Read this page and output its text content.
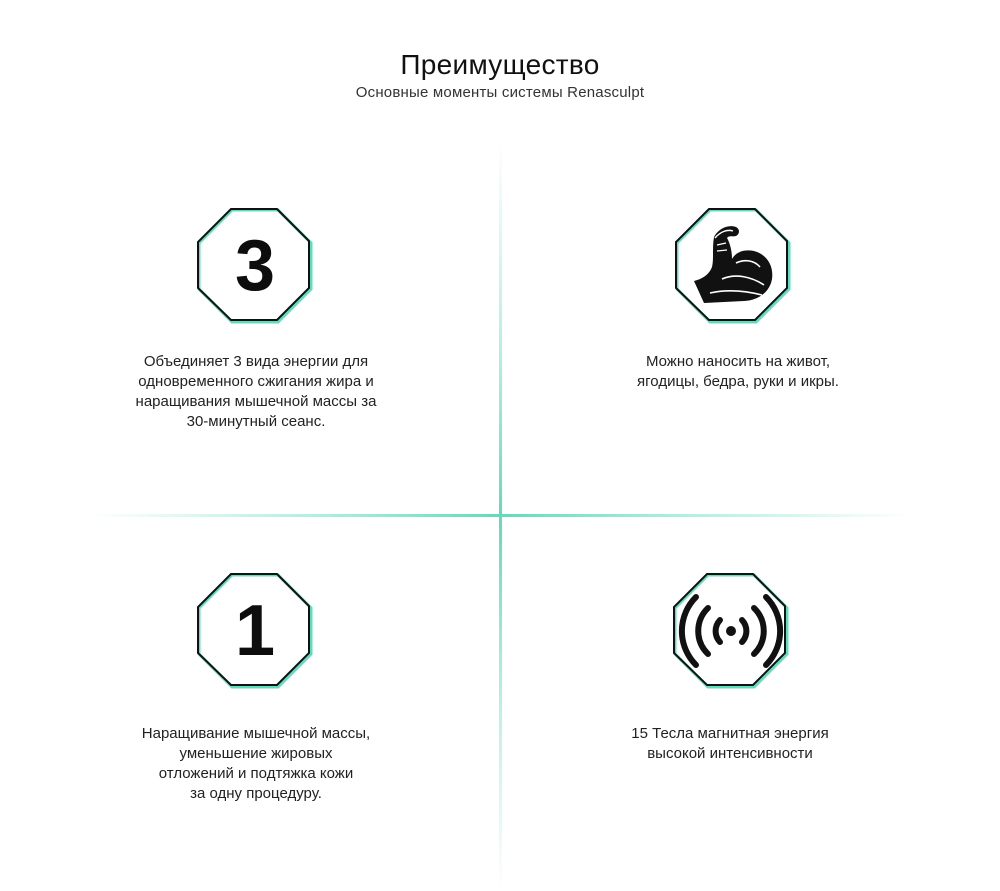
Преимущество
Основные моменты системы Renasculpt
3
Объединяет 3 вида энергии для
одновременного сжигания жира и
наращивания мышечной массы за
30-минутный сеанс.
Можно наносить на живот,
ягодицы, бедра, руки и икры.
1
Наращивание мышечной массы,
уменьшение жировых
отложений и подтяжка кожи
за одну процедуру.
15 Тесла магнитная энергия
высокой интенсивности
